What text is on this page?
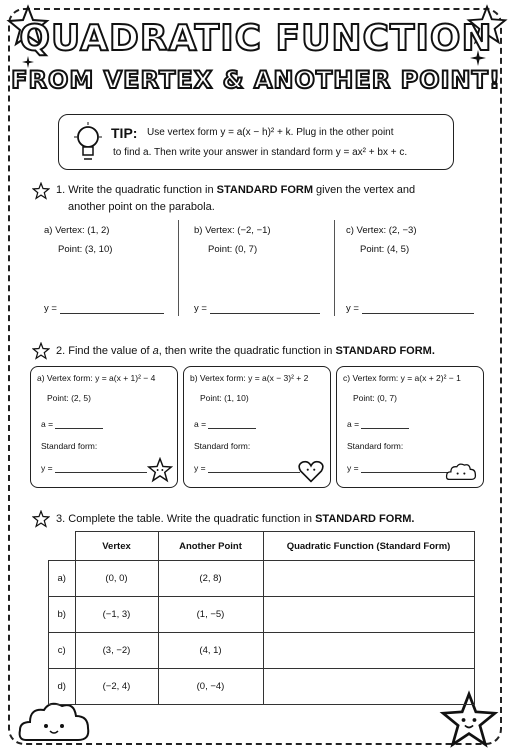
QUADRATIC FUNCTION
FROM VERTEX & ANOTHER POINT!
TIP: Use vertex form y = a(x − h)² + k. Plug in the other point
to find a. Then write your answer in standard form y = ax² + bx + c.
1. Write the quadratic function in STANDARD FORM given the vertex and
another point on the parabola.
a) Vertex: (1, 2)
Point: (3, 10)
b) Vertex: (−2, −1)
Point: (0, 7)
c) Vertex: (2, −3)
Point: (4, 5)
y =	y =	y =
2. Find the value of a, then write the quadratic function in STANDARD FORM.
a) Vertex form: y = a(x + 1)² − 4
Point: (2, 5)
a =
Standard form:
y =
b) Vertex form: y = a(x − 3)² + 2
Point: (1, 10)
a =
Standard form:
y =
c) Vertex form: y = a(x + 2)² − 1
Point: (0, 7)
a =
Standard form:
y =
3. Complete the table. Write the quadratic function in STANDARD FORM.
	Vertex	Another Point	Quadratic Function (Standard Form)
a)	(0, 0)	(2, 8)	
b)	(−1, 3)	(1, −5)	
c)	(3, −2)	(4, 1)	
d)	(−2, 4)	(0, −4)	
